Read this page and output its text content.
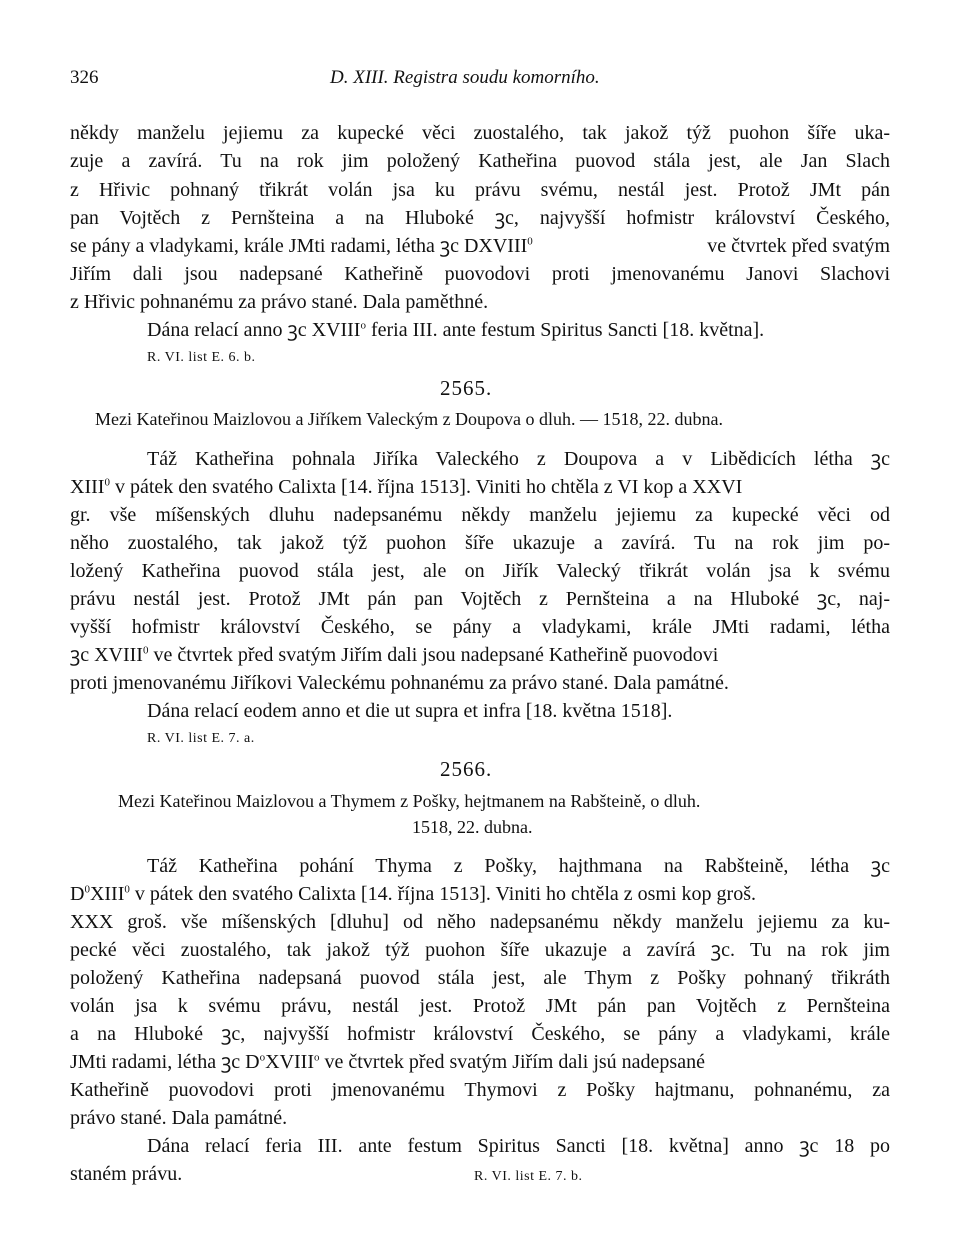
326	D. XIII. Registra soudu komorního.
někdy manželu jejiemu za kupecké věci zuostalého, tak jakož týž puohon šíře uka-
zuje a zavírá. Tu na rok jim položený Katheřina puovod stála jest, ale Jan Slach
z Hřivic pohnaný třikrát volán jsa ku právu svému, nestál jest. Protož JMt pán
pan Vojtěch z Pernšteina a na Hluboké ꝫc, najvyšší hofmistr království Českého,
se pány a vladykami, krále JMti radami, létha ꝫc DXVIII$^0$	ve čtvrtek před svatým
Jiřím dali jsou nadepsané Katheřině puovodovi proti jmenovanému Janovi Slachovi
z Hřivic pohnanému za právo stané. Dala paměthné.
Dána relací anno ꝫc XVIII$^o$ feria III. ante festum Spiritus Sancti [18. května].
R. VI. list E. 6. b.
2565.
Mezi Kateřinou Maizlovou a Jiříkem Valeckým z Doupova o dluh. — 1518, 22. dubna.
Táž Katheřina pohnala Jiříka Valeckého z Doupova a v Libědicích létha ꝫc
XIII$^0$ v pátek den svatého Calixta [14. října 1513]. Viniti ho chtěla z VI kop a XXVI
gr. vše míšenských dluhu nadepsanému někdy manželu jejiemu za kupecké věci od
něho zuostalého, tak jakož týž puohon šíře ukazuje a zavírá. Tu na rok jim po-
ložený Katheřina puovod stála jest, ale on Jiřík Valecký třikrát volán jsa k svému
právu nestál jest. Protož JMt pán pan Vojtěch z Pernšteina a na Hluboké ꝫc, naj-
vyšší hofmistr království Českého, se pány a vladykami, krále JMti radami, létha
ꝫc XVIII$^0$ ve čtvrtek před svatým Jiřím dali jsou nadepsané Katheřině puovodovi
proti jmenovanému Jiříkovi Valeckému pohnanému za právo stané. Dala památné.
Dána relací eodem anno et die ut supra et infra [18. května 1518].
R. VI. list E. 7. a.
2566.
Mezi Kateřinou Maizlovou a Thymem z Pošky, hejtmanem na Rabšteině, o dluh.
1518, 22. dubna.
Táž Katheřina pohání Thyma z Pošky, hajthmana na Rabšteině, létha ꝫc
$D^0XIII^0$ v pátek den svatého Calixta [14. října 1513]. Viniti ho chtěla z osmi kop groš.
XXX groš. vše míšenských [dluhu] od něho nadepsanému někdy manželu jejiemu za ku-
pecké věci zuostalého, tak jakož týž puohon šíře ukazuje a zavírá ꝫc. Tu na rok jim
položený Katheřina nadepsaná puovod stála jest, ale Thym z Pošky pohnaný třikráth
volán jsa k svému právu, nestál jest. Protož JMt pán pan Vojtěch z Pernšteina
a na Hluboké ꝫc, najvyšší hofmistr království Českého, se pány a vladykami, krále
JMti radami, létha ꝫc $D^oXVIII^o$ ve čtvrtek před svatým Jiřím dali jsú nadepsané
Katheřině puovodovi proti jmenovanému Thymovi z Pošky hajtmanu, pohnanému, za
právo stané. Dala památné.
Dána relací feria III. ante festum Spiritus Sancti [18. května] anno ꝫc 18 po
staném právu.	R. VI. list E. 7. b.
